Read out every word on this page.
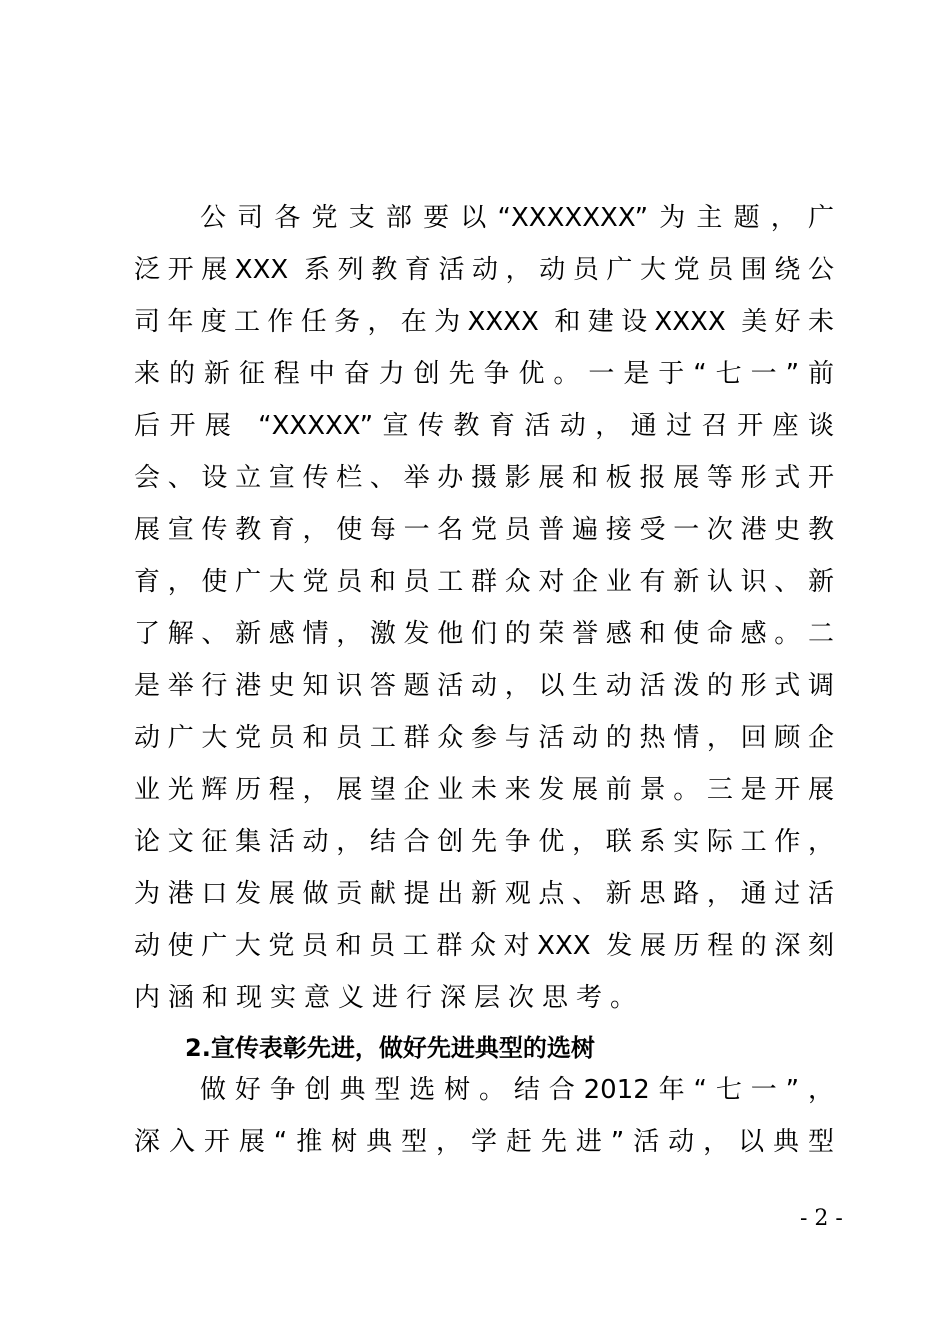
公司各党支部要以“XXXXXXX”为主题，广
泛开展XXX 系列教育活动，动员广大党员围绕公
司年度工作任务，在为XXXX 和建设XXXX 美好未
来的新征程中奋力创先争优。一是于“七一”前
后开展 “XXXXX”宣传教育活动，通过召开座谈
会、设立宣传栏、举办摄影展和板报展等形式开
展宣传教育，使每一名党员普遍接受一次港史教
育，使广大党员和员工群众对企业有新认识、新
了解、新感情，激发他们的荣誉感和使命感。二
是举行港史知识答题活动，以生动活泼的形式调
动广大党员和员工群众参与活动的热情，回顾企
业光辉历程，展望企业未来发展前景。三是开展
论文征集活动，结合创先争优，联系实际工作，
为港口发展做贡献提出新观点、新思路，通过活
动使广大党员和员工群众对XXX 发展历程的深刻
内涵和现实意义进行深层次思考。
2.宣传表彰先进，做好先进典型的选树
做好争创典型选树。结合2012年“七一”，
深入开展“推树典型，学赶先进”活动，以典型
- 2 -
